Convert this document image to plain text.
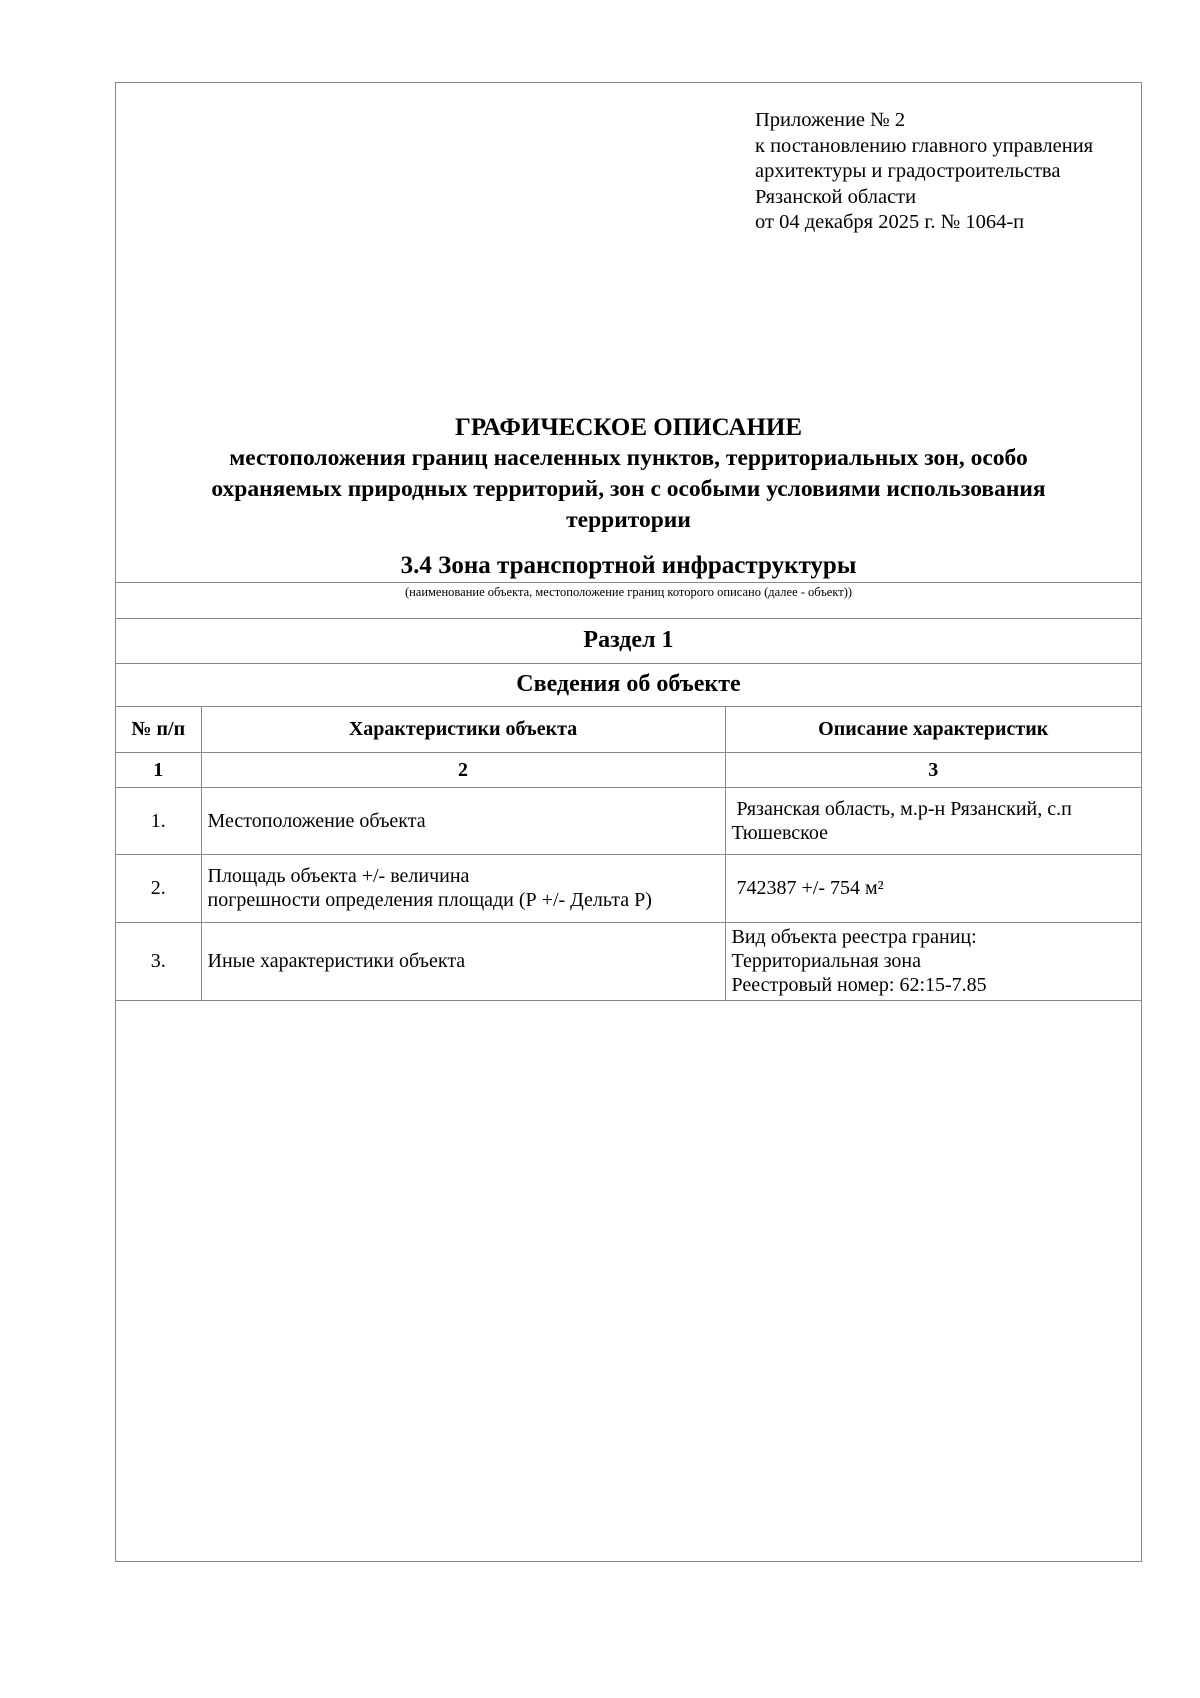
Приложение № 2
к постановлению главного управления
архитектуры и градостроительства
Рязанской области
от 04 декабря 2025 г. № 1064-п
ГРАФИЧЕСКОЕ ОПИСАНИЕ
местоположения границ населенных пунктов, территориальных зон, особо
охраняемых природных территорий, зон с особыми условиями использования
территории
3.4 Зона транспортной инфраструктуры
(наименование объекта, местоположение границ которого описано (далее - объект))
Раздел 1
Сведения об объекте
№ п/п	Характеристики объекта	Описание характеристик
1	2	3
1.	Местоположение объекта	Рязанская область, м.р-н Рязанский, с.п
Тюшевское

2.	Площадь объекта +/- величина
погрешности определения площади (Р +/- Дельта Р)	742387 +/- 754 м²

3.	Иные характеристики объекта	Вид объекта реестра границ:
Территориальная зона
Реестровый номер: 62:15-7.85
